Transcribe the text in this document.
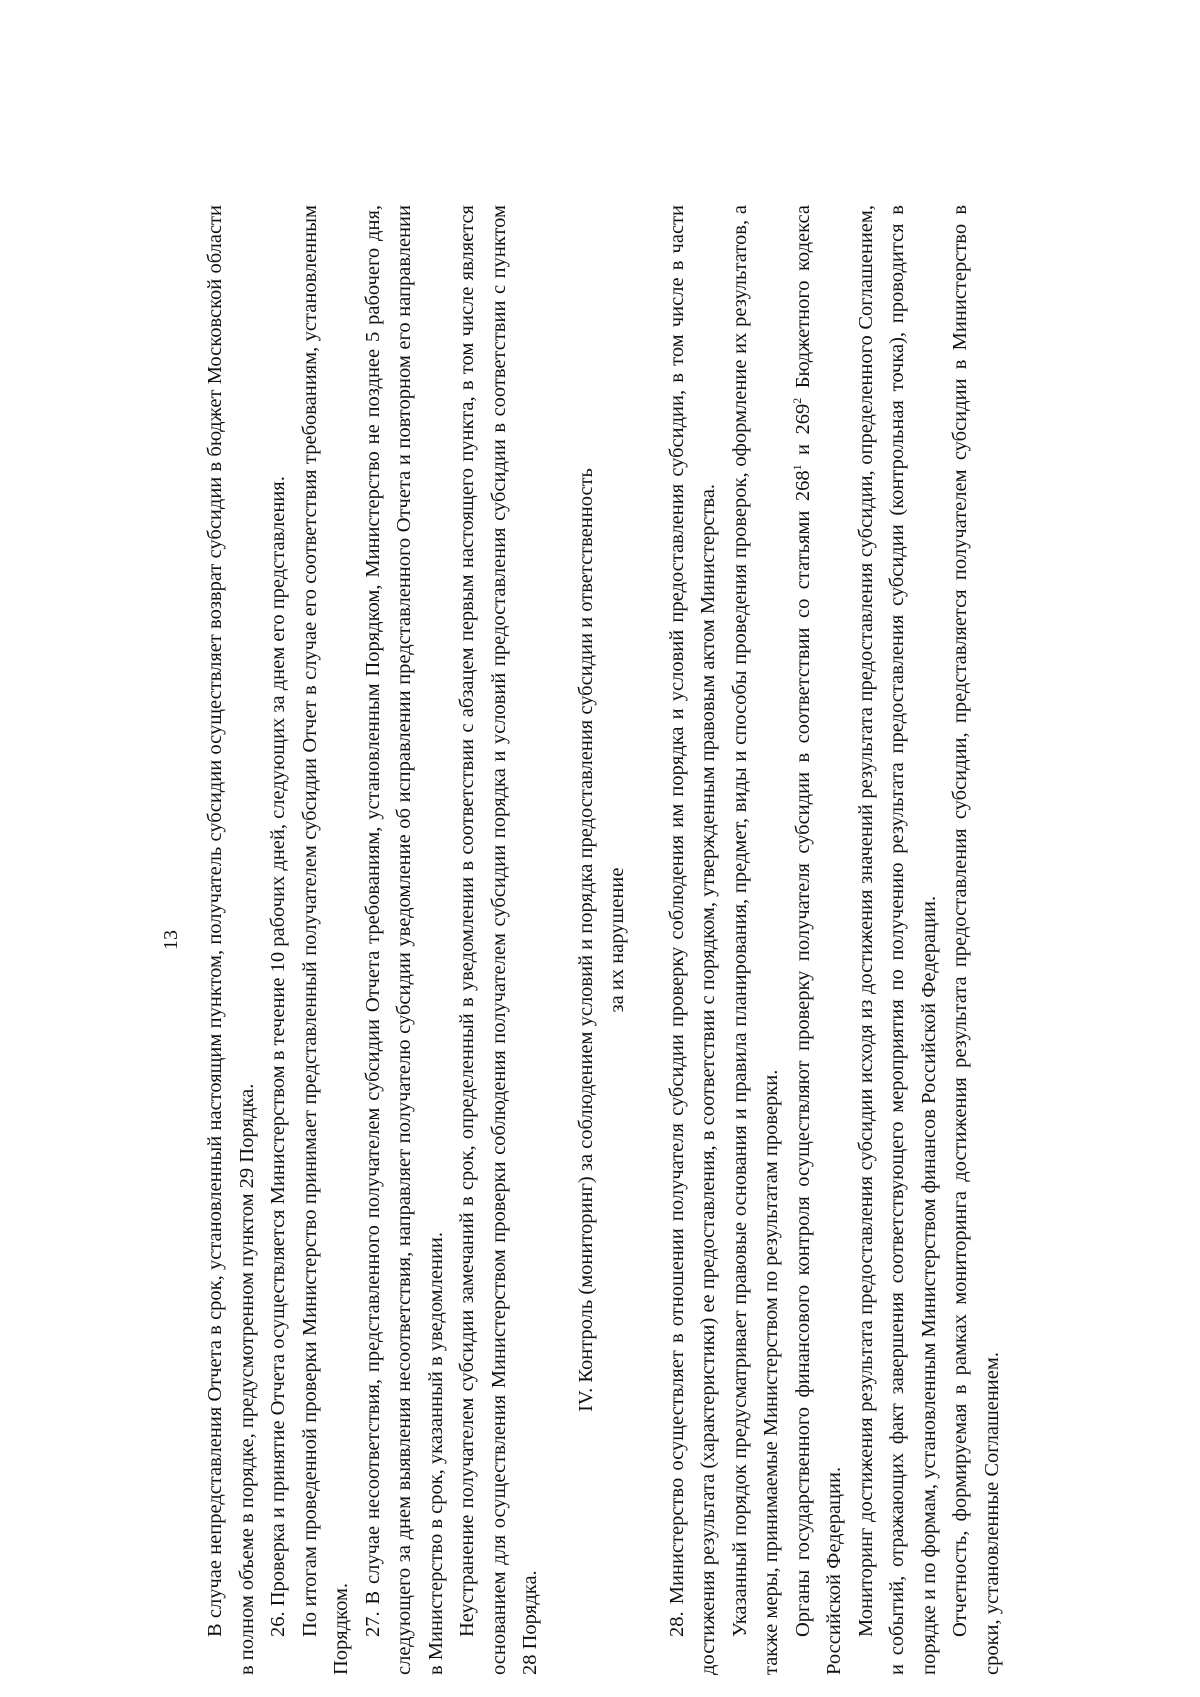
13 В случае непредставления Отчета в срок, установленный настоящим пунктом, получатель субсидии осуществляет возврат субсидии в бюджет Московской области в полном объеме в порядке, предусмотренном пунктом 29 Порядка. 26. Проверка и принятие Отчета осуществляется Министерством в течение 10 рабочих дней, следующих за днем его представления. По итогам проведенной проверки Министерство принимает представленный получателем субсидии Отчет в случае его соответствия требованиям, установленным Порядком. 27. В случае несоответствия, представленного получателем субсидии Отчета требованиям, установленным Порядком, Министерство не позднее 5 рабочего дня, следующего за днем выявления несоответствия, направляет получателю субсидии уведомление об исправлении представленного Отчета и повторном его направлении в Министерство в срок, указанный в уведомлении. Неустранение получателем субсидии замечаний в срок, определенный в уведомлении в соответствии с абзацем первым настоящего пункта, в том числе является основанием для осуществления Министерством проверки соблюдения получателем субсидии порядка и условий предоставления субсидии в соответствии с пунктом 28 Порядка.

IV. Контроль (мониторинг) за соблюдением условий и порядка предоставления субсидии и ответственность за их нарушение 28. Министерство осуществляет в отношении получателя субсидии проверку соблюдения им порядка и условий предоставления субсидии, в том числе в части достижения результата (характеристики) ее предоставления, в соответствии с порядком, утвержденным правовым актом Министерства. Указанный порядок предусматривает правовые основания и правила планирования, предмет, виды и способы проведения проверок, оформление их результатов, а также меры, принимаемые Министерством по результатам проверки. Органы государственного финансового контроля осуществляют проверку получателя субсидии в соответствии со статьями $268^1$ и $269^2$ Бюджетного кодекса Российской Федерации. Мониторинг достижения результата предоставления субсидии исходя из достижения значений результата предоставления субсидии, определенного Соглашением, и событий, отражающих факт завершения соответствующего мероприятия по получению результата предоставления субсидии (контрольная точка), проводится в порядке и по формам, установленным Министерством финансов Российской Федерации. Отчетность, формируемая в рамках мониторинга достижения результата предоставления субсидии, представляется получателем субсидии в Министерство в сроки, установленные Соглашением.
